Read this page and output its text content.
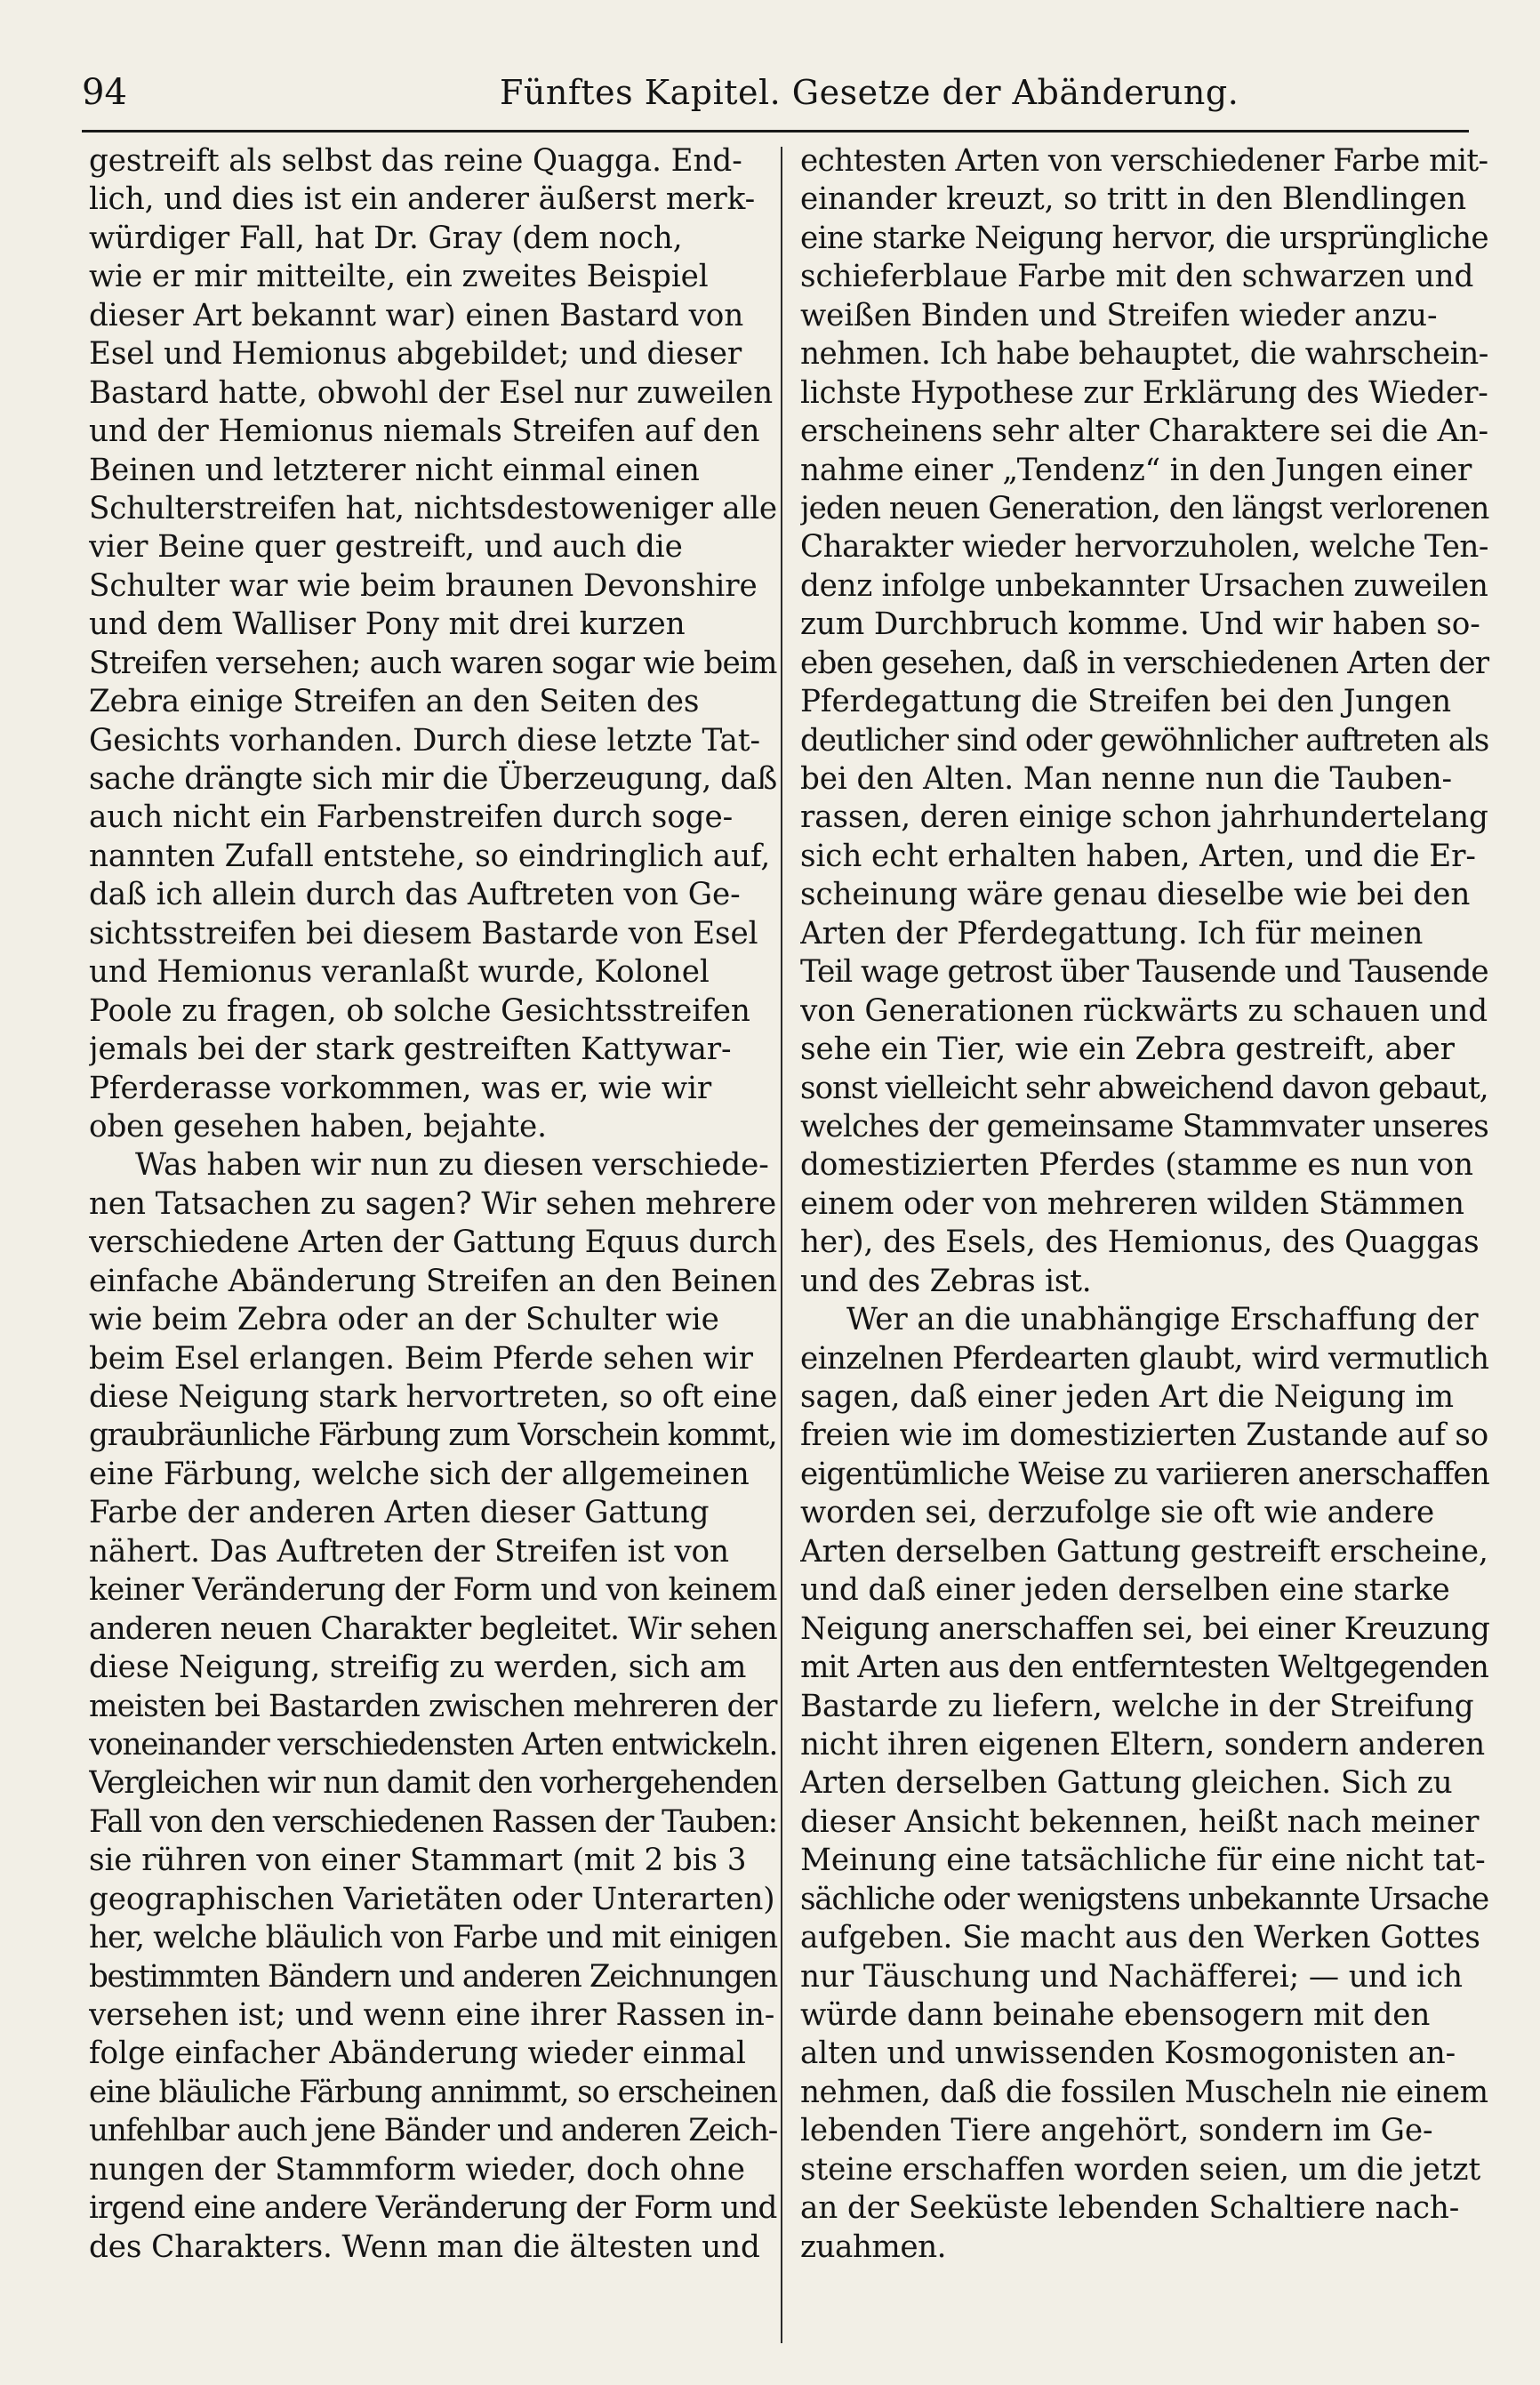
94	Fünftes Kapitel. Gesetze der Abänderung.
gestreift als selbst das reine Quagga. End-
lich, und dies ist ein anderer äußerst merk-
würdiger Fall, hat Dr. Gray (dem noch,
wie er mir mitteilte, ein zweites Beispiel
dieser Art bekannt war) einen Bastard von
Esel und Hemionus abgebildet; und dieser
Bastard hatte, obwohl der Esel nur zuweilen
und der Hemionus niemals Streifen auf den
Beinen und letzterer nicht einmal einen
Schulterstreifen hat, nichtsdestoweniger alle
vier Beine quer gestreift, und auch die
Schulter war wie beim braunen Devonshire
und dem Walliser Pony mit drei kurzen
Streifen versehen; auch waren sogar wie beim
Zebra einige Streifen an den Seiten des
Gesichts vorhanden. Durch diese letzte Tat-
sache drängte sich mir die Überzeugung, daß
auch nicht ein Farbenstreifen durch soge-
nannten Zufall entstehe, so eindringlich auf,
daß ich allein durch das Auftreten von Ge-
sichtsstreifen bei diesem Bastarde von Esel
und Hemionus veranlaßt wurde, Kolonel
Poole zu fragen, ob solche Gesichtsstreifen
jemals bei der stark gestreiften Kattywar-
Pferderasse vorkommen, was er, wie wir
oben gesehen haben, bejahte.
Was haben wir nun zu diesen verschiede-
nen Tatsachen zu sagen? Wir sehen mehrere
verschiedene Arten der Gattung Equus durch
einfache Abänderung Streifen an den Beinen
wie beim Zebra oder an der Schulter wie
beim Esel erlangen. Beim Pferde sehen wir
diese Neigung stark hervortreten, so oft eine
graubräunliche Färbung zum Vorschein kommt,
eine Färbung, welche sich der allgemeinen
Farbe der anderen Arten dieser Gattung
nähert. Das Auftreten der Streifen ist von
keiner Veränderung der Form und von keinem
anderen neuen Charakter begleitet. Wir sehen
diese Neigung, streifig zu werden, sich am
meisten bei Bastarden zwischen mehreren der
voneinander verschiedensten Arten entwickeln.
Vergleichen wir nun damit den vorhergehenden
Fall von den verschiedenen Rassen der Tauben:
sie rühren von einer Stammart (mit 2 bis 3
geographischen Varietäten oder Unterarten)
her, welche bläulich von Farbe und mit einigen
bestimmten Bändern und anderen Zeichnungen
versehen ist; und wenn eine ihrer Rassen in-
folge einfacher Abänderung wieder einmal
eine bläuliche Färbung annimmt, so erscheinen
unfehlbar auch jene Bänder und anderen Zeich-
nungen der Stammform wieder, doch ohne
irgend eine andere Veränderung der Form und
des Charakters. Wenn man die ältesten und
echtesten Arten von verschiedener Farbe mit-
einander kreuzt, so tritt in den Blendlingen
eine starke Neigung hervor, die ursprüngliche
schieferblaue Farbe mit den schwarzen und
weißen Binden und Streifen wieder anzu-
nehmen. Ich habe behauptet, die wahrschein-
lichste Hypothese zur Erklärung des Wieder-
erscheinens sehr alter Charaktere sei die An-
nahme einer „Tendenz“ in den Jungen einer
jeden neuen Generation, den längst verlorenen
Charakter wieder hervorzuholen, welche Ten-
denz infolge unbekannter Ursachen zuweilen
zum Durchbruch komme. Und wir haben so-
eben gesehen, daß in verschiedenen Arten der
Pferdegattung die Streifen bei den Jungen
deutlicher sind oder gewöhnlicher auftreten als
bei den Alten. Man nenne nun die Tauben-
rassen, deren einige schon jahrhundertelang
sich echt erhalten haben, Arten, und die Er-
scheinung wäre genau dieselbe wie bei den
Arten der Pferdegattung. Ich für meinen
Teil wage getrost über Tausende und Tausende
von Generationen rückwärts zu schauen und
sehe ein Tier, wie ein Zebra gestreift, aber
sonst vielleicht sehr abweichend davon gebaut,
welches der gemeinsame Stammvater unseres
domestizierten Pferdes (stamme es nun von
einem oder von mehreren wilden Stämmen
her), des Esels, des Hemionus, des Quaggas
und des Zebras ist.
Wer an die unabhängige Erschaffung der
einzelnen Pferdearten glaubt, wird vermutlich
sagen, daß einer jeden Art die Neigung im
freien wie im domestizierten Zustande auf so
eigentümliche Weise zu variieren anerschaffen
worden sei, derzufolge sie oft wie andere
Arten derselben Gattung gestreift erscheine,
und daß einer jeden derselben eine starke
Neigung anerschaffen sei, bei einer Kreuzung
mit Arten aus den entferntesten Weltgegenden
Bastarde zu liefern, welche in der Streifung
nicht ihren eigenen Eltern, sondern anderen
Arten derselben Gattung gleichen. Sich zu
dieser Ansicht bekennen, heißt nach meiner
Meinung eine tatsächliche für eine nicht tat-
sächliche oder wenigstens unbekannte Ursache
aufgeben. Sie macht aus den Werken Gottes
nur Täuschung und Nachäfferei; — und ich
würde dann beinahe ebensogern mit den
alten und unwissenden Kosmogonisten an-
nehmen, daß die fossilen Muscheln nie einem
lebenden Tiere angehört, sondern im Ge-
steine erschaffen worden seien, um die jetzt
an der Seeküste lebenden Schaltiere nach-
zuahmen.
